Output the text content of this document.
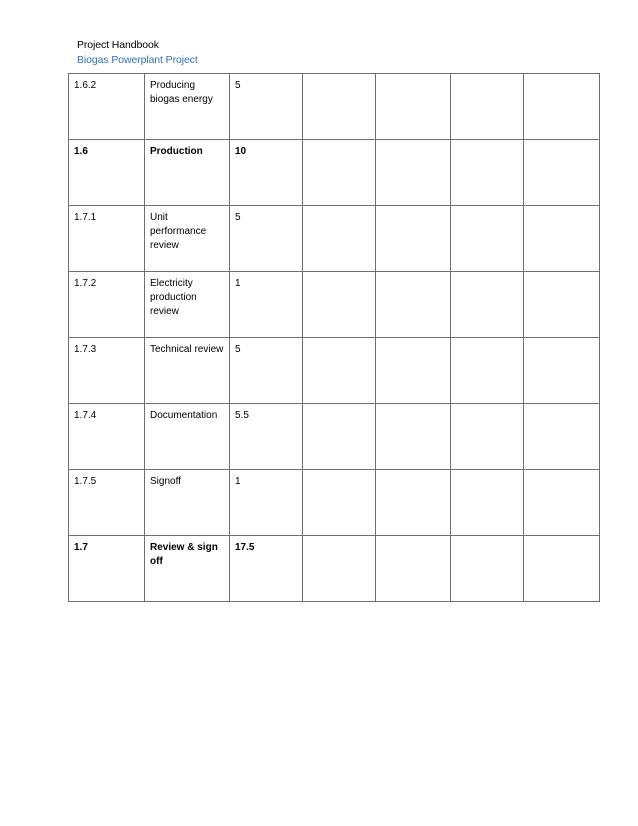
Project Handbook
Biogas Powerplant Project
1.6.2	Producing biogas energy	5				
1.6	Production	10				
1.7.1	Unit performance review	5				
1.7.2	Electricity production review	1				
1.7.3	Technical review	5				
1.7.4	Documentation	5.5				
1.7.5	Signoff	1				
1.7	Review & sign off	17.5				
